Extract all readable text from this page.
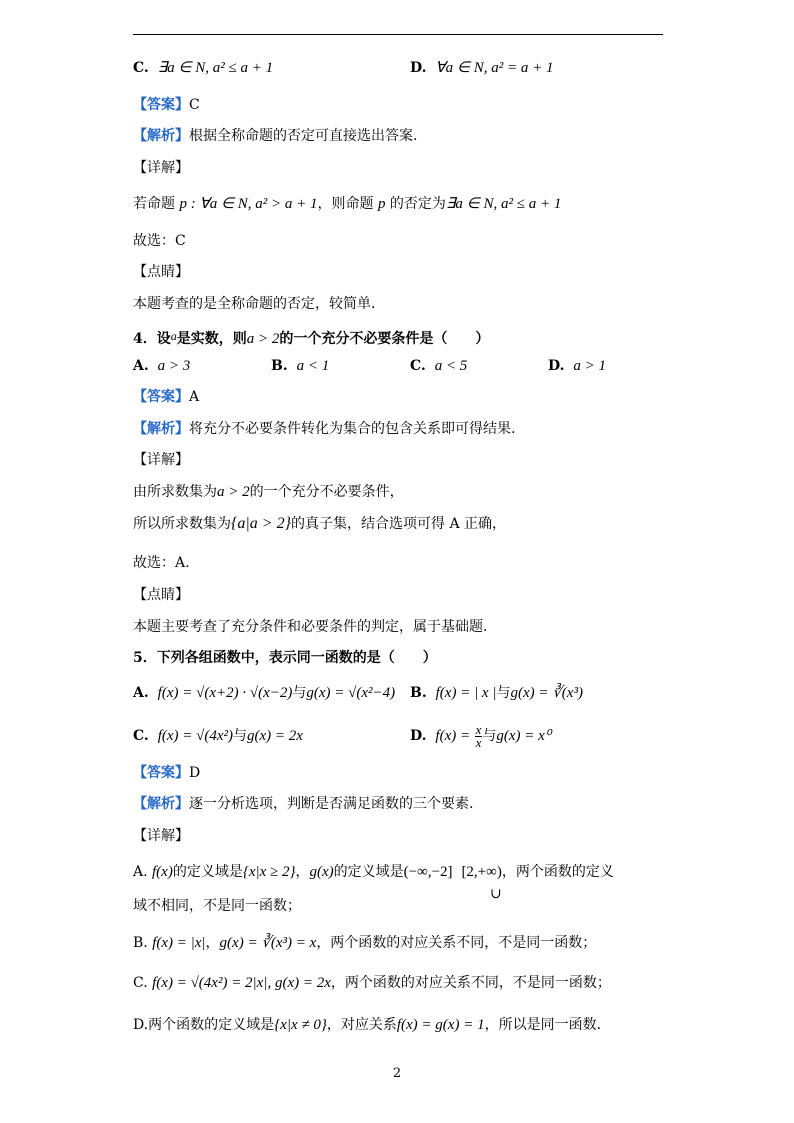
C. ∃a ∈ N, a² ≤ a + 1	D. ∀a ∈ N, a² = a + 1
【答案】C
【解析】根据全称命题的否定可直接选出答案.
【详解】
若命题 p : ∀a ∈ N, a² > a + 1，则命题 p 的否定为∃a ∈ N, a² ≤ a + 1
故选：C
【点睛】
本题考查的是全称命题的否定，较简单.
4．设a是实数，则a > 2的一个充分不必要条件是（　　）
A. a > 3	B. a < 1	C. a < 5	D. a > 1
【答案】A
【解析】将充分不必要条件转化为集合的包含关系即可得结果.
【详解】
由所求数集为a > 2的一个充分不必要条件，
所以所求数集为{a|a > 2}的真子集，结合选项可得 A 正确，
故选：A.
【点睛】
本题主要考查了充分条件和必要条件的判定，属于基础题.
5．下列各组函数中，表示同一函数的是（　　）
A. f(x) = √(x+2) · √(x−2)与g(x) = √(x²−4) B. f(x) = | x |与g(x) = ∛(x³)
C. f(x) = √(4x²)与g(x) = 2x	D. $f(x) = \frac{x}{x}$ 与g(x) = x⁰
【答案】D
【解析】逐一分析选项，判断是否满足函数的三个要素.
【详解】
A. f(x)的定义域是{x|x ≥ 2}，g(x)的定义域是(−∞,−2] [2,+∞)，两个函数的定义
∪
域不相同，不是同一函数；
B. f(x) = |x|，g(x) = ∛(x³) = x，两个函数的对应关系不同，不是同一函数；
C. f(x) = √(4x²) = 2|x|, g(x) = 2x，两个函数的对应关系不同，不是同一函数；
D.两个函数的定义域是{x|x ≠ 0}，对应关系f(x) = g(x) = 1，所以是同一函数.
2
